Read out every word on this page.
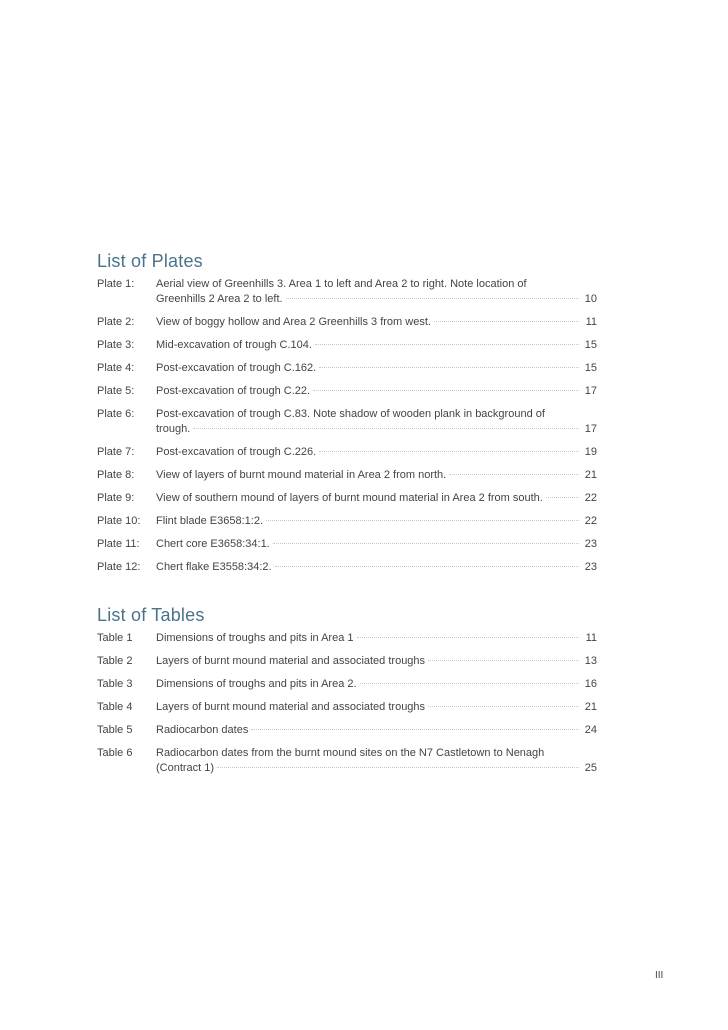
List of Plates
Plate 1:	Aerial view of Greenhills 3. Area 1 to left and Area 2 to right. Note location of
Greenhills 2 Area 2 to left.	10
Plate 2:	View of boggy hollow and Area 2 Greenhills 3 from west.	11
Plate 3:	Mid-excavation of trough C.104.	15
Plate 4:	Post-excavation of trough C.162.	15
Plate 5:	Post-excavation of trough C.22.	17
Plate 6:	Post-excavation of trough C.83. Note shadow of wooden plank in background of
trough.	17
Plate 7:	Post-excavation of trough C.226.	19
Plate 8:	View of layers of burnt mound material in Area 2 from north.	21
Plate 9:	View of southern mound of layers of burnt mound material in Area 2 from south.	22
Plate 10:	Flint blade E3658:1:2.	22
Plate 11:	Chert core E3658:34:1.	23
Plate 12:	Chert flake E3558:34:2.	23
List of Tables
Table 1	Dimensions of troughs and pits in Area 1	11
Table 2	Layers of burnt mound material and associated troughs	13
Table 3	Dimensions of troughs and pits in Area 2.	16
Table 4	Layers of burnt mound material and associated troughs	21
Table 5	Radiocarbon dates	24
Table 6	Radiocarbon dates from the burnt mound sites on the N7 Castletown to Nenagh
(Contract 1)	25
III
